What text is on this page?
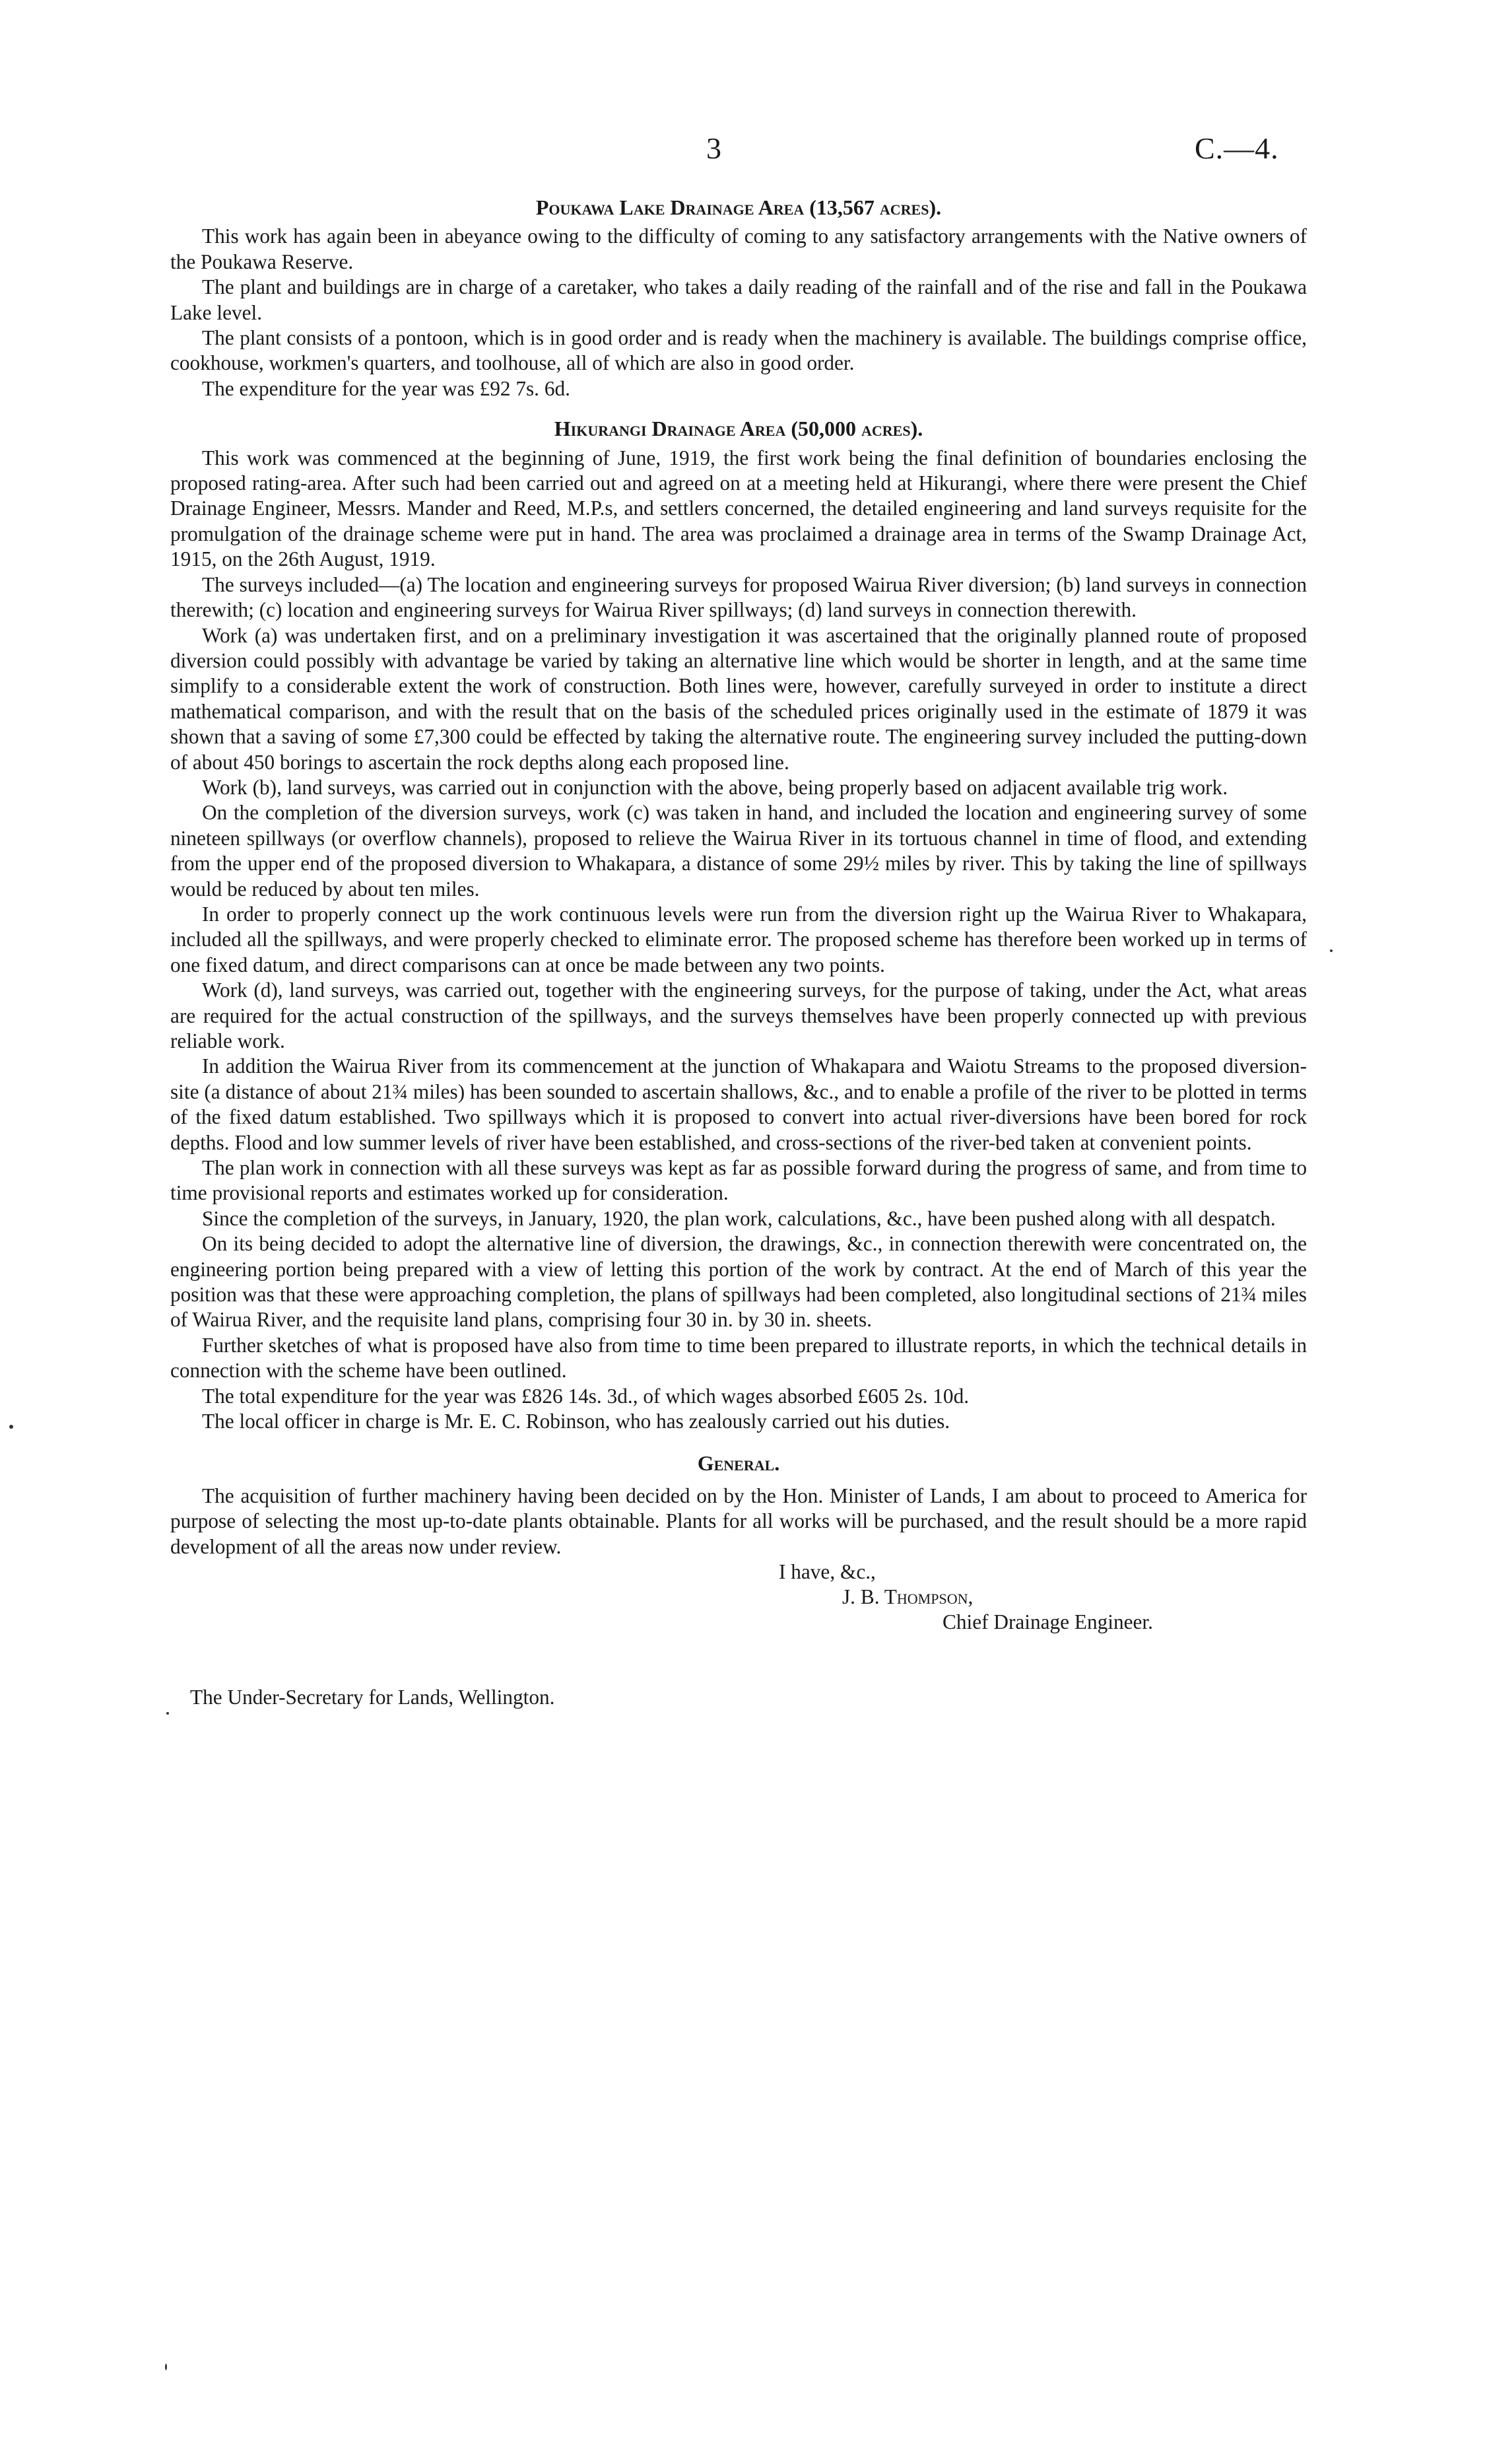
3	C.—4.
Poukawa Lake Drainage Area (13,567 acres).

This work has again been in abeyance owing to the difficulty of coming to any satisfactory arrangements with the Native owners of the Poukawa Reserve.

The plant and buildings are in charge of a caretaker, who takes a daily reading of the rainfall and of the rise and fall in the Poukawa Lake level.

The plant consists of a pontoon, which is in good order and is ready when the machinery is available. The buildings comprise office, cookhouse, workmen's quarters, and toolhouse, all of which are also in good order.

The expenditure for the year was £92 7s. 6d.

Hikurangi Drainage Area (50,000 acres).

This work was commenced at the beginning of June, 1919, the first work being the final definition of boundaries enclosing the proposed rating-area. After such had been carried out and agreed on at a meeting held at Hikurangi, where there were present the Chief Drainage Engineer, Messrs. Mander and Reed, M.P.s, and settlers concerned, the detailed engineering and land surveys requisite for the promulgation of the drainage scheme were put in hand. The area was proclaimed a drainage area in terms of the Swamp Drainage Act, 1915, on the 26th August, 1919.

The surveys included—(a) The location and engineering surveys for proposed Wairua River diversion; (b) land surveys in connection therewith; (c) location and engineering surveys for Wairua River spillways; (d) land surveys in connection therewith.

Work (a) was undertaken first, and on a preliminary investigation it was ascertained that the originally planned route of proposed diversion could possibly with advantage be varied by taking an alternative line which would be shorter in length, and at the same time simplify to a considerable extent the work of construction. Both lines were, however, carefully surveyed in order to institute a direct mathematical comparison, and with the result that on the basis of the scheduled prices originally used in the estimate of 1879 it was shown that a saving of some £7,300 could be effected by taking the alternative route. The engineering survey included the putting-down of about 450 borings to ascertain the rock depths along each proposed line.

Work (b), land surveys, was carried out in conjunction with the above, being properly based on adjacent available trig work.

On the completion of the diversion surveys, work (c) was taken in hand, and included the location and engineering survey of some nineteen spillways (or overflow channels), proposed to relieve the Wairua River in its tortuous channel in time of flood, and extending from the upper end of the proposed diversion to Whakapara, a distance of some 29½ miles by river. This by taking the line of spillways would be reduced by about ten miles.

In order to properly connect up the work continuous levels were run from the diversion right up the Wairua River to Whakapara, included all the spillways, and were properly checked to eliminate error. The proposed scheme has therefore been worked up in terms of one fixed datum, and direct comparisons can at once be made between any two points.

Work (d), land surveys, was carried out, together with the engineering surveys, for the purpose of taking, under the Act, what areas are required for the actual construction of the spillways, and the surveys themselves have been properly connected up with previous reliable work.

In addition the Wairua River from its commencement at the junction of Whakapara and Waiotu Streams to the proposed diversion-site (a distance of about 21¾ miles) has been sounded to ascertain shallows, &c., and to enable a profile of the river to be plotted in terms of the fixed datum established. Two spillways which it is proposed to convert into actual river-diversions have been bored for rock depths. Flood and low summer levels of river have been established, and cross-sections of the river-bed taken at convenient points.

The plan work in connection with all these surveys was kept as far as possible forward during the progress of same, and from time to time provisional reports and estimates worked up for consideration.

Since the completion of the surveys, in January, 1920, the plan work, calculations, &c., have been pushed along with all despatch.

On its being decided to adopt the alternative line of diversion, the drawings, &c., in connection therewith were concentrated on, the engineering portion being prepared with a view of letting this portion of the work by contract. At the end of March of this year the position was that these were approaching completion, the plans of spillways had been completed, also longitudinal sections of 21¾ miles of Wairua River, and the requisite land plans, comprising four 30 in. by 30 in. sheets.

Further sketches of what is proposed have also from time to time been prepared to illustrate reports, in which the technical details in connection with the scheme have been outlined.

The total expenditure for the year was £826 14s. 3d., of which wages absorbed £605 2s. 10d.

The local officer in charge is Mr. E. C. Robinson, who has zealously carried out his duties.

General.

The acquisition of further machinery having been decided on by the Hon. Minister of Lands, I am about to proceed to America for purpose of selecting the most up-to-date plants obtainable. Plants for all works will be purchased, and the result should be a more rapid development of all the areas now under review.

I have, &c.,
J. B. Thompson,
Chief Drainage Engineer.
The Under-Secretary for Lands, Wellington.
